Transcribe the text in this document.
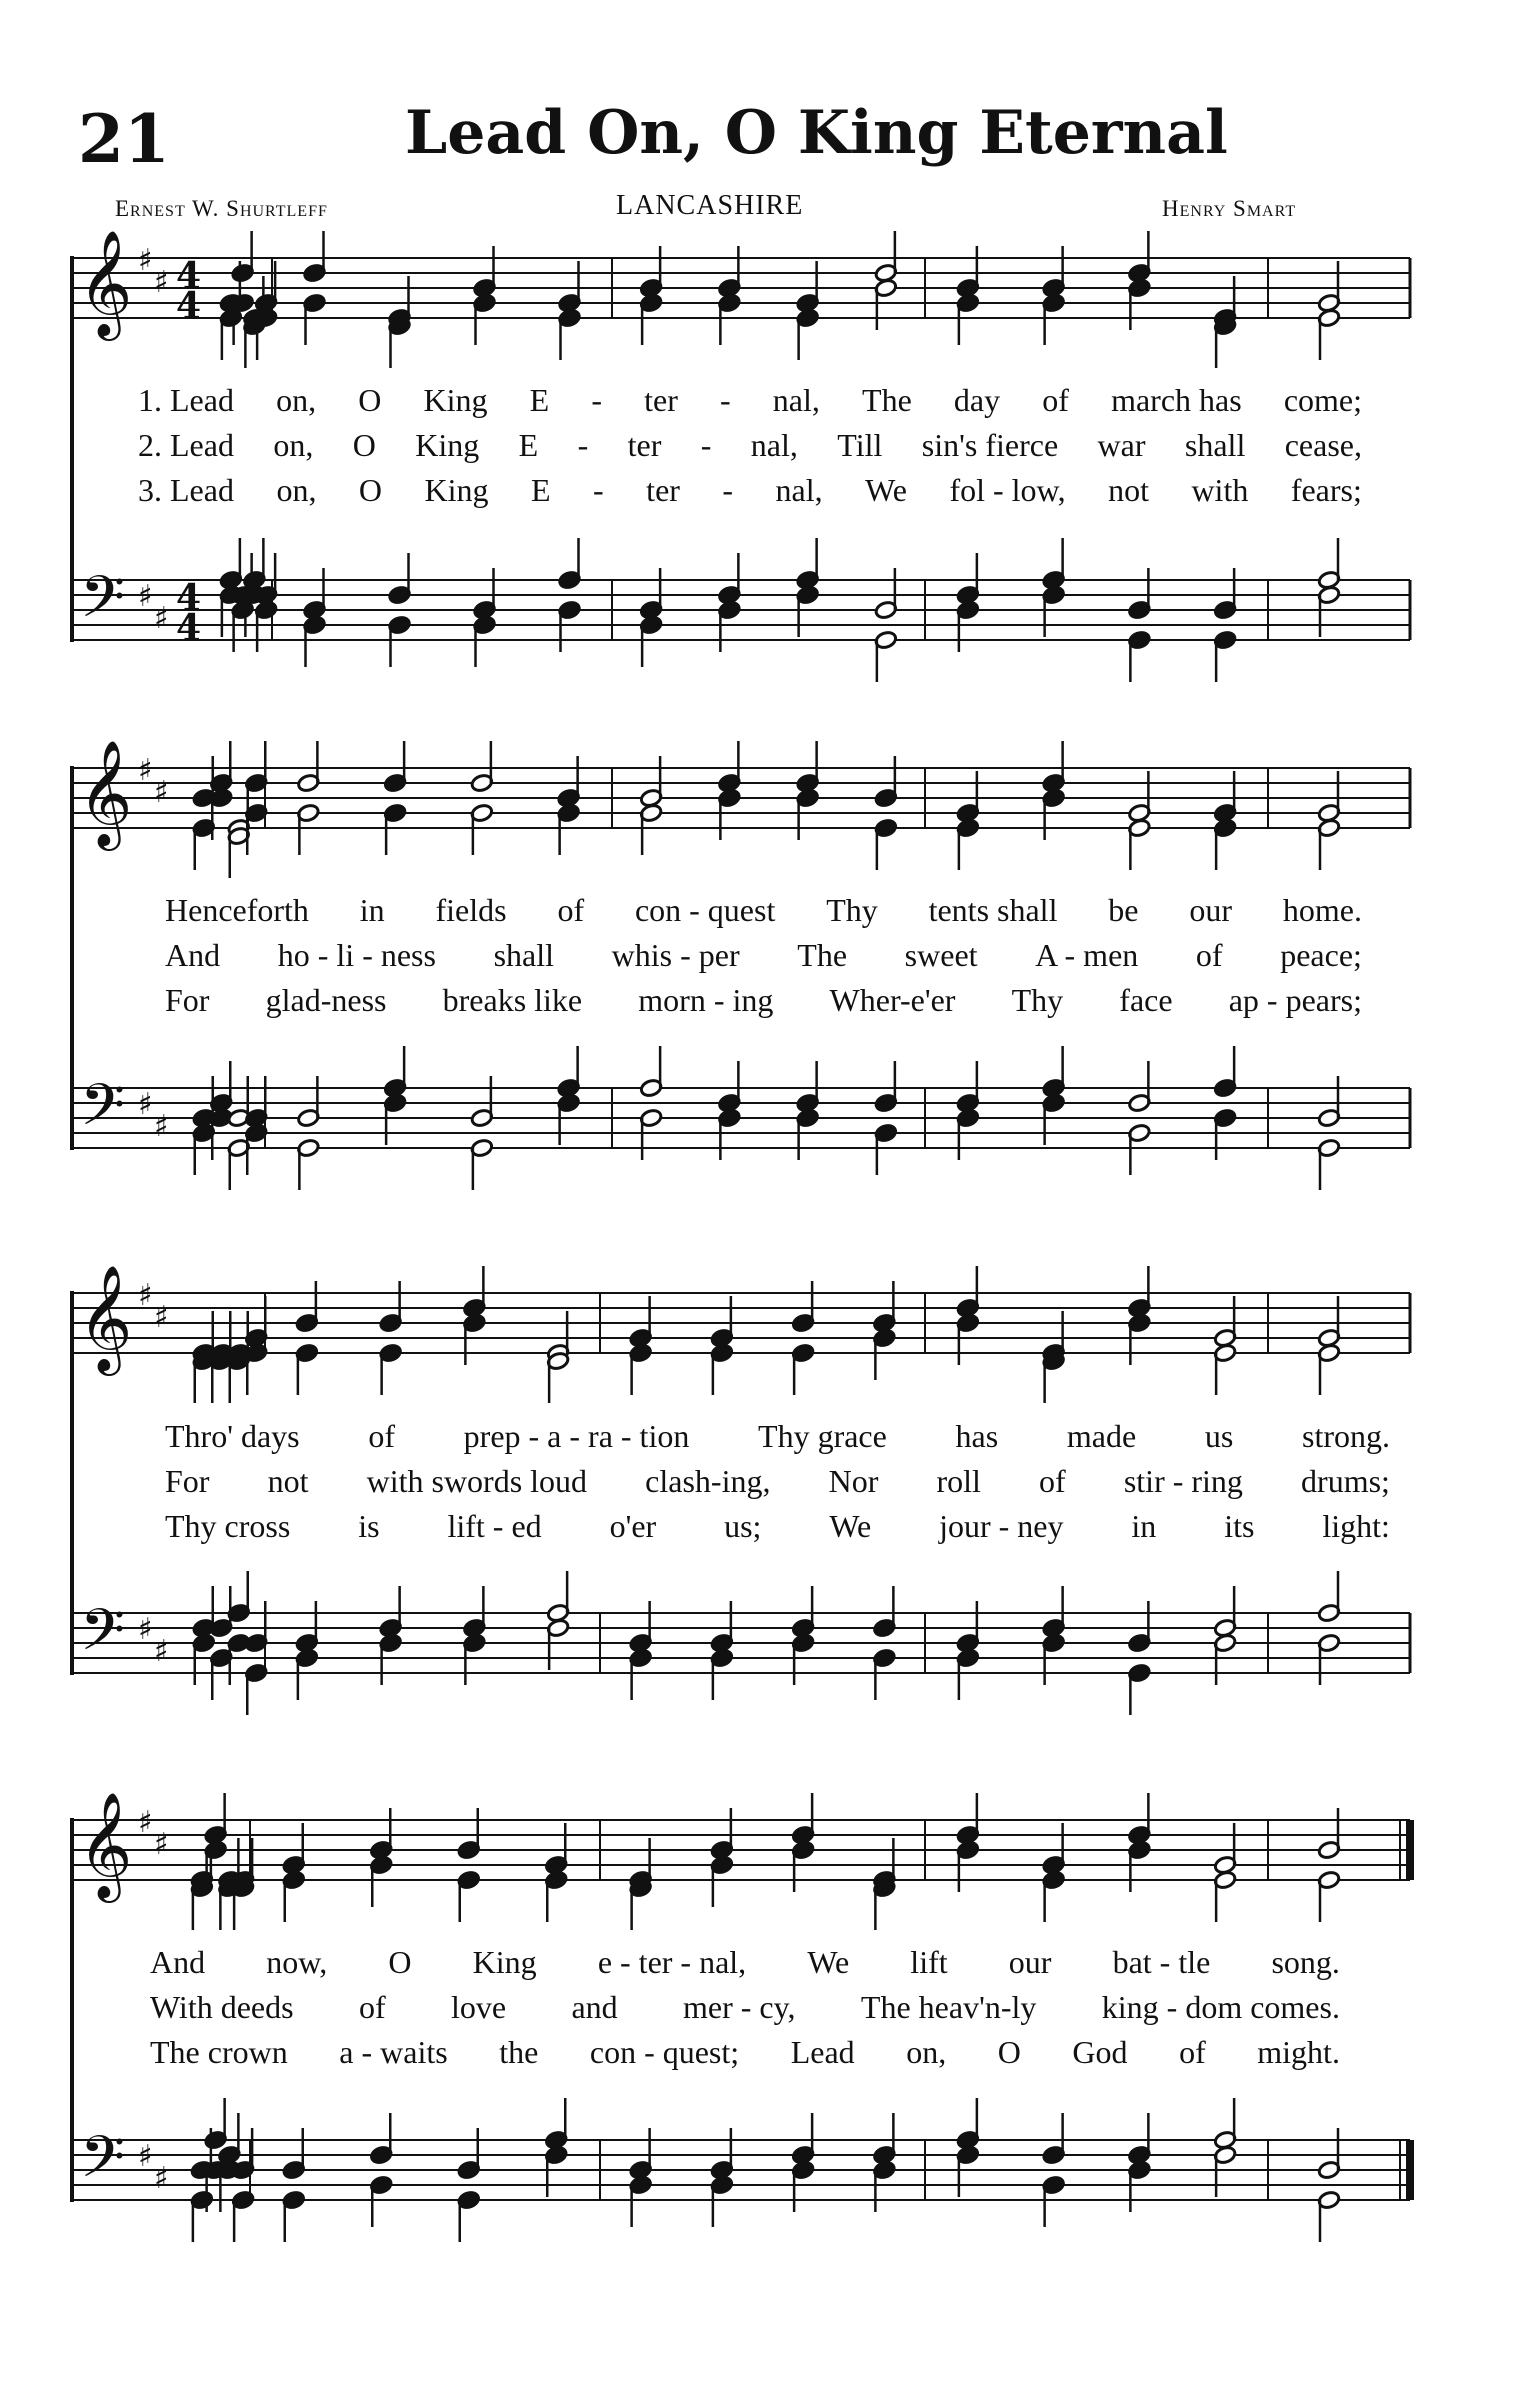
21	Lead On, O King Eternal
Ernest W. Shurtleff	LANCASHIRE	Henry Smart
𝄞
𝄢
♯
♯
♯
♯
4
4
4
4
𝄞
𝄢
♯
♯
♯
♯
𝄞
𝄢
♯
♯
♯
♯
𝄞
𝄢
♯
♯
♯
♯
1. Lead on, O King E - ter - nal, The day of march has come;
2. Lead on, O King E - ter - nal, Till sin's fierce war shall cease,
3. Lead on, O King E - ter - nal, We fol - low, not with fears;
Henceforth in fields of con - quest Thy tents shall be our home.
And ho - li - ness shall whis - per The sweet A - men of peace;
For glad-ness breaks like morn - ing Wher-e'er Thy face ap - pears;
Thro' days of prep - a - ra - tion Thy grace has made us strong.
For not with swords loud clash-ing, Nor roll of stir - ring drums;
Thy cross is lift - ed o'er us; We jour - ney in its light:
And now, O King e - ter - nal, We lift our bat - tle song.
With deeds of love and mer - cy, The heav'n-ly king - dom comes.
The crown a - waits the con - quest; Lead on, O God of might.
